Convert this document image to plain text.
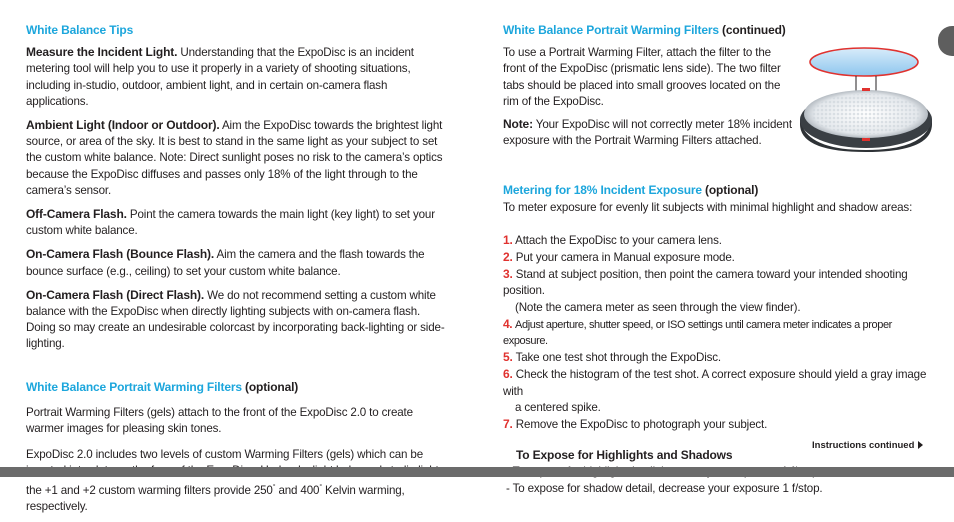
White Balance Tips

Measure the Incident Light. Understanding that the ExpoDisc is an incident metering tool will help you to use it properly in a variety of shooting situations, including in-studio, outdoor, ambient light, and in certain on-camera flash applications.

Ambient Light (Indoor or Outdoor). Aim the ExpoDisc towards the brightest light source, or area of the sky. It is best to stand in the same light as your subject to set the custom white balance. Note: Direct sunlight poses no risk to the camera’s optics because the ExpoDisc diffuses and passes only 18% of the light through to the camera’s sensor.

Off-Camera Flash. Point the camera towards the main light (key light) to set your custom white balance.

On-Camera Flash (Bounce Flash). Aim the camera and the flash towards the bounce surface (e.g., ceiling) to set your custom white balance.

On-Camera Flash (Direct Flash). We do not recommend setting a custom white balance with the ExpoDisc when directly lighting subjects with on-camera flash. Doing so may create an undesirable colorcast by incorporating back-lighting or side-lighting.

White Balance Portrait Warming Filters (optional)

Portrait Warming Filters (gels) attach to the front of the ExpoDisc 2.0 to create warmer images for pleasing skin tones.

ExpoDisc 2.0 includes two levels of custom Warming Filters (gels) which can be the +1 and +2 custom warming filters provide 250° and 400° Kelvin warming, respectively.

White Balance Portrait Warming Filters (continued)

To use a Portrait Warming Filter, attach the filter to the front of the ExpoDisc (prismatic lens side). The two filter tabs should be placed into small grooves located on the rim of the ExpoDisc.

Note: Your ExpoDisc will not correctly meter 18% incident exposure with the Portrait Warming Filters attached.

Metering for 18% Incident Exposure (optional)

To meter exposure for evenly lit subjects with minimal highlight and shadow areas:

1. Attach the ExpoDisc to your camera lens.

2. Put your camera in Manual exposure mode.

3. Stand at subject position, then point the camera toward your intended shooting position.

(Note the camera meter as seen through the view finder).

4. Adjust aperture, shutter speed, or ISO settings until camera meter indicates a proper exposure.

5. Take one test shot through the ExpoDisc.

6. Check the histogram of the test shot. A correct exposure should yield a gray image with

a centered spike.

7. Remove the ExpoDisc to photograph your subject.

To Expose for Highlights and Shadows

- To expose for shadow detail, decrease your exposure 1 f/stop.

Instructions continued
